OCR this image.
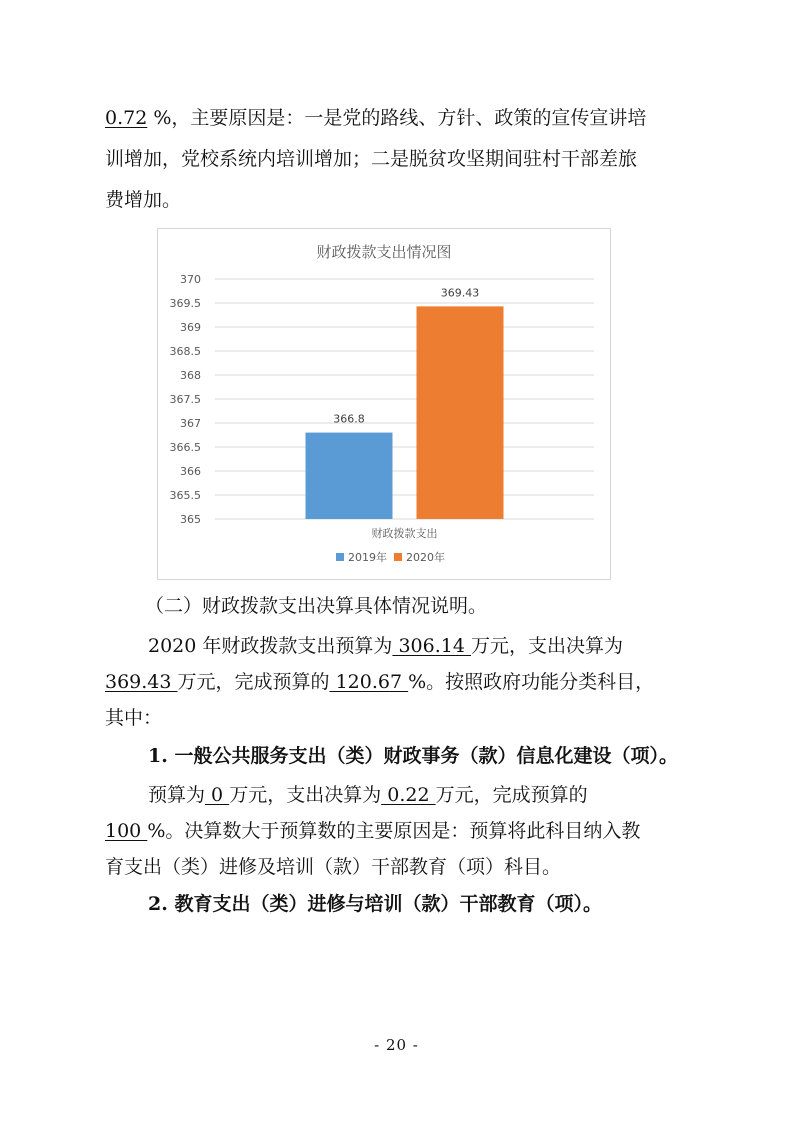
0.72 %，主要原因是：一是党的路线、方针、政策的宣传宣讲培

训增加，党校系统内培训增加；二是脱贫攻坚期间驻村干部差旅

费增加。

财政拨款支出情况图
370
369.5
369
368.5
368
367.5
367
366.5
366
365.5
365
366.8
369.43
财政拨款支出
2019年 2020年

（二）财政拨款支出决算具体情况说明。

2020 年财政拨款支出预算为 306.14 万元，支出决算为

369.43 万元，完成预算的 120.67 %。按照政府功能分类科目，

其中：

1. 一般公共服务支出（类）财政事务（款）信息化建设（项）。

预算为 0 万元，支出决算为 0.22 万元，完成预算的

100 %。决算数大于预算数的主要原因是：预算将此科目纳入教

育支出（类）进修及培训（款）干部教育（项）科目。

2. 教育支出（类）进修与培训（款）干部教育（项）。

- 20 -
